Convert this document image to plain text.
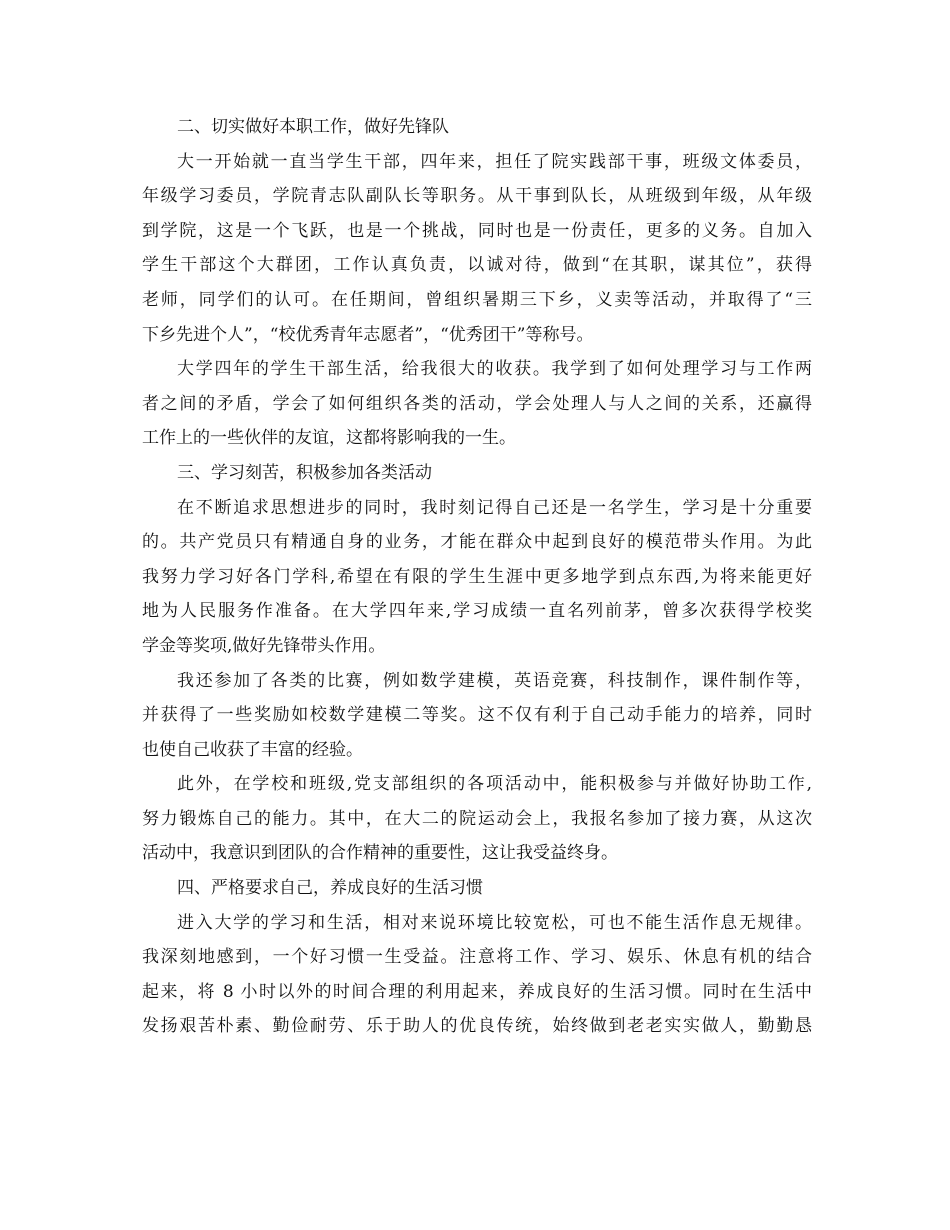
二、切实做好本职工作，做好先锋队
大一开始就一直当学生干部，四年来，担任了院实践部干事，班级文体委员，
年级学习委员，学院青志队副队长等职务。从干事到队长，从班级到年级，从年级
到学院，这是一个飞跃，也是一个挑战，同时也是一份责任，更多的义务。自加入
学生干部这个大群团，工作认真负责，以诚对待，做到“在其职，谋其位”，获得
老师，同学们的认可。在任期间，曾组织暑期三下乡，义卖等活动，并取得了“三
下乡先进个人”，“校优秀青年志愿者”，“优秀团干”等称号。
大学四年的学生干部生活，给我很大的收获。我学到了如何处理学习与工作两
者之间的矛盾，学会了如何组织各类的活动，学会处理人与人之间的关系，还赢得
工作上的一些伙伴的友谊，这都将影响我的一生。
三、学习刻苦，积极参加各类活动
在不断追求思想进步的同时，我时刻记得自己还是一名学生，学习是十分重要
的。共产党员只有精通自身的业务，才能在群众中起到良好的模范带头作用。为此
我努力学习好各门学科,希望在有限的学生生涯中更多地学到点东西,为将来能更好
地为人民服务作准备。在大学四年来,学习成绩一直名列前茅，曾多次获得学校奖
学金等奖项,做好先锋带头作用。
我还参加了各类的比赛，例如数学建模，英语竞赛，科技制作，课件制作等，
并获得了一些奖励如校数学建模二等奖。这不仅有利于自己动手能力的培养，同时
也使自己收获了丰富的经验。
此外，在学校和班级,党支部组织的各项活动中，能积极参与并做好协助工作,
努力锻炼自己的能力。其中，在大二的院运动会上，我报名参加了接力赛，从这次
活动中，我意识到团队的合作精神的重要性，这让我受益终身。
四、严格要求自己，养成良好的生活习惯
进入大学的学习和生活，相对来说环境比较宽松，可也不能生活作息无规律。
我深刻地感到，一个好习惯一生受益。注意将工作、学习、娱乐、休息有机的结合
起来，将 8 小时以外的时间合理的利用起来，养成良好的生活习惯。同时在生活中
发扬艰苦朴素、勤俭耐劳、乐于助人的优良传统，始终做到老老实实做人，勤勤恳
